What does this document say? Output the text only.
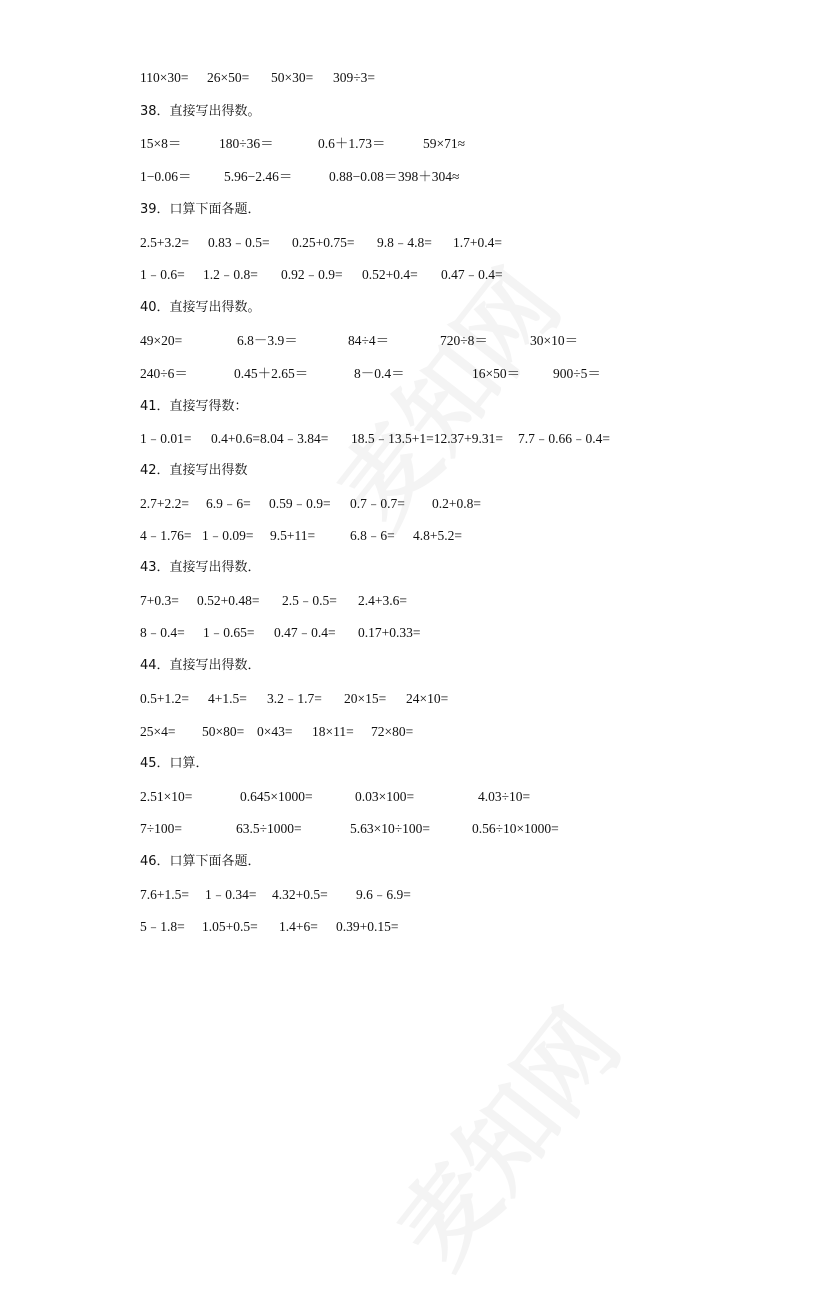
110×30= 26×50= 50×30= 309÷3=
38．直接写出得数。
15×8＝	180÷36＝	0.6＋1.73＝	59×71≈
1−0.06＝ 5.96−2.46＝	0.88−0.08＝ 398＋304≈
39．口算下面各题．
2.5+3.2= 0.83﹣0.5= 0.25+0.75= 9.8﹣4.8= 1.7+0.4=
1﹣0.6= 1.2﹣0.8= 0.92﹣0.9= 0.52+0.4= 0.47﹣0.4=
40．直接写出得数。
49×20=	6.8－3.9＝	84÷4＝	720÷8＝	30×10＝
240÷6＝	0.45＋2.65＝	8－0.4＝	16×50＝ 900÷5＝
41．直接写得数：
1﹣0.01= 0.4+0.6=8.04﹣3.84= 18.5﹣13.5+1=12.37+9.31= 7.7﹣0.66﹣0.4=
42．直接写出得数
2.7+2.2= 6.9﹣6= 0.59﹣0.9= 0.7﹣0.7= 0.2+0.8=
4﹣1.76= 1﹣0.09= 9.5+11=	6.8﹣6= 4.8+5.2=
43．直接写出得数．
7+0.3= 0.52+0.48= 2.5﹣0.5= 2.4+3.6=
8﹣0.4= 1﹣0.65= 0.47﹣0.4= 0.17+0.33=
44．直接写出得数．
0.5+1.2= 4+1.5= 3.2﹣1.7= 20×15= 24×10=
25×4= 50×80= 0×43= 18×11= 72×80=
45．口算．
2.51×10=	0.645×1000=	0.03×100=	4.03÷10=
7÷100=	63.5÷1000=	5.63×10÷100=	0.56÷10×1000=
46．口算下面各题．
7.6+1.5= 1﹣0.34= 4.32+0.5= 9.6﹣6.9=
5﹣1.8= 1.05+0.5= 1.4+6= 0.39+0.15=
